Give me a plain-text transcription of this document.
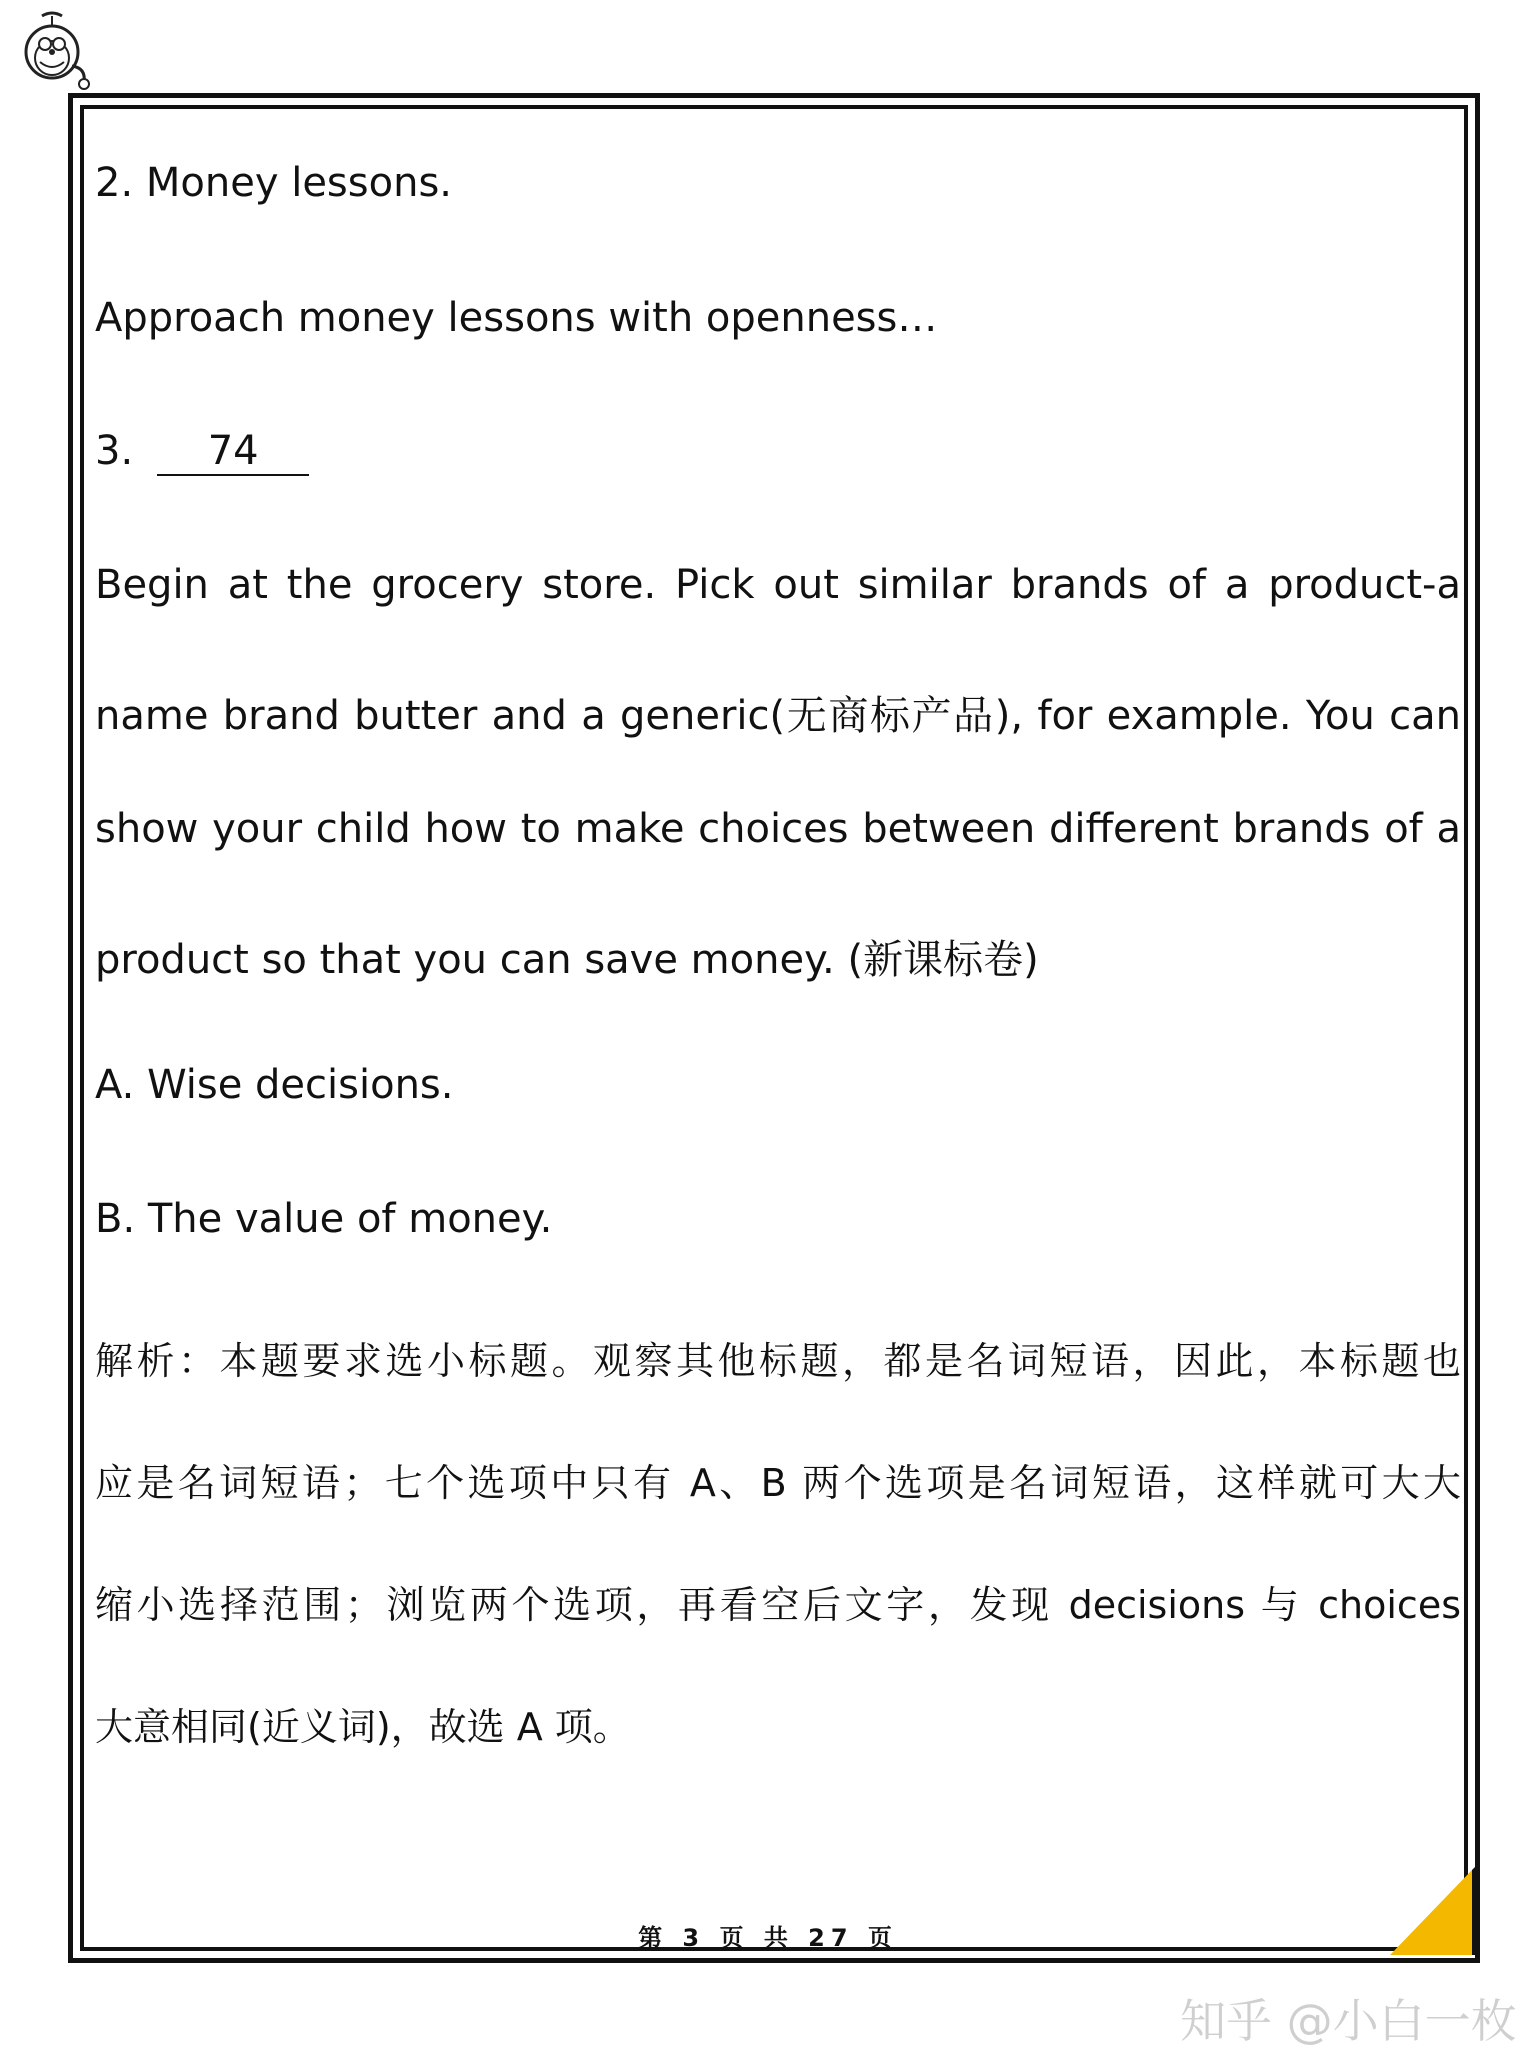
2. Money lessons.
Approach money lessons with openness…
3. 74
Begin at the grocery store. Pick out similar brands of a product-a
name brand butter and a generic(无商标产品), for example. You can
show your child how to make choices between different brands of a
product so that you can save money. (新课标卷)
A. Wise decisions.
B. The value of money.
解析：本题要求选小标题。观察其他标题，都是名词短语，因此，本标题也
应是名词短语；七个选项中只有 A、B 两个选项是名词短语，这样就可大大
缩小选择范围；浏览两个选项，再看空后文字，发现 decisions 与 choices
大意相同(近义词)，故选 A 项。
第 3 页 共 27 页
知乎 @小白一枚
